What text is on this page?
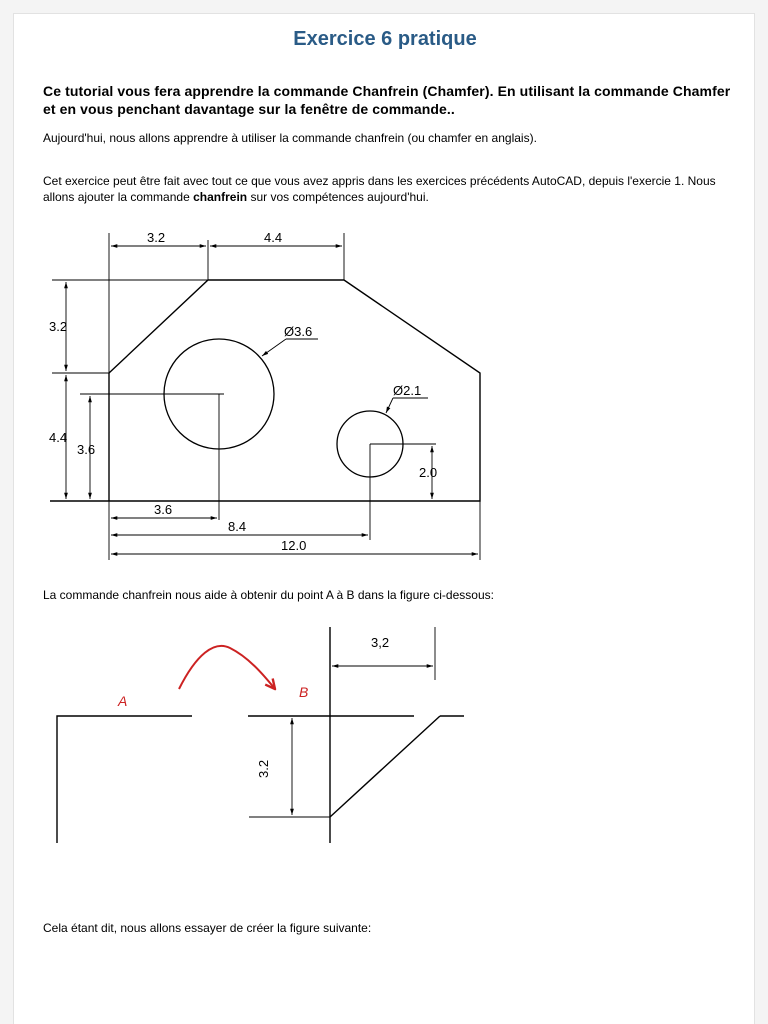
Exercice 6 pratique
Ce tutorial vous fera apprendre la commande Chanfrein (Chamfer). En utilisant la commande Chamfer et en vous penchant davantage sur la fenêtre de commande..
Aujourd'hui, nous allons apprendre à utiliser la commande chanfrein (ou chamfer en anglais).
Cet exercice peut être fait avec tout ce que vous avez appris dans les exercices précédents AutoCAD, depuis l'exercie 1. Nous allons ajouter la commande chanfrein sur vos compétences aujourd'hui.
La commande chanfrein nous aide à obtenir du point A à B dans la figure ci-dessous:
Cela étant dit, nous allons essayer de créer la figure suivante:
3.2	4.4
3.2
4.4
3.6
Ø3.6
Ø2.1
2.0
3.6
8.4
12.0
3,2
3.2
A
B
